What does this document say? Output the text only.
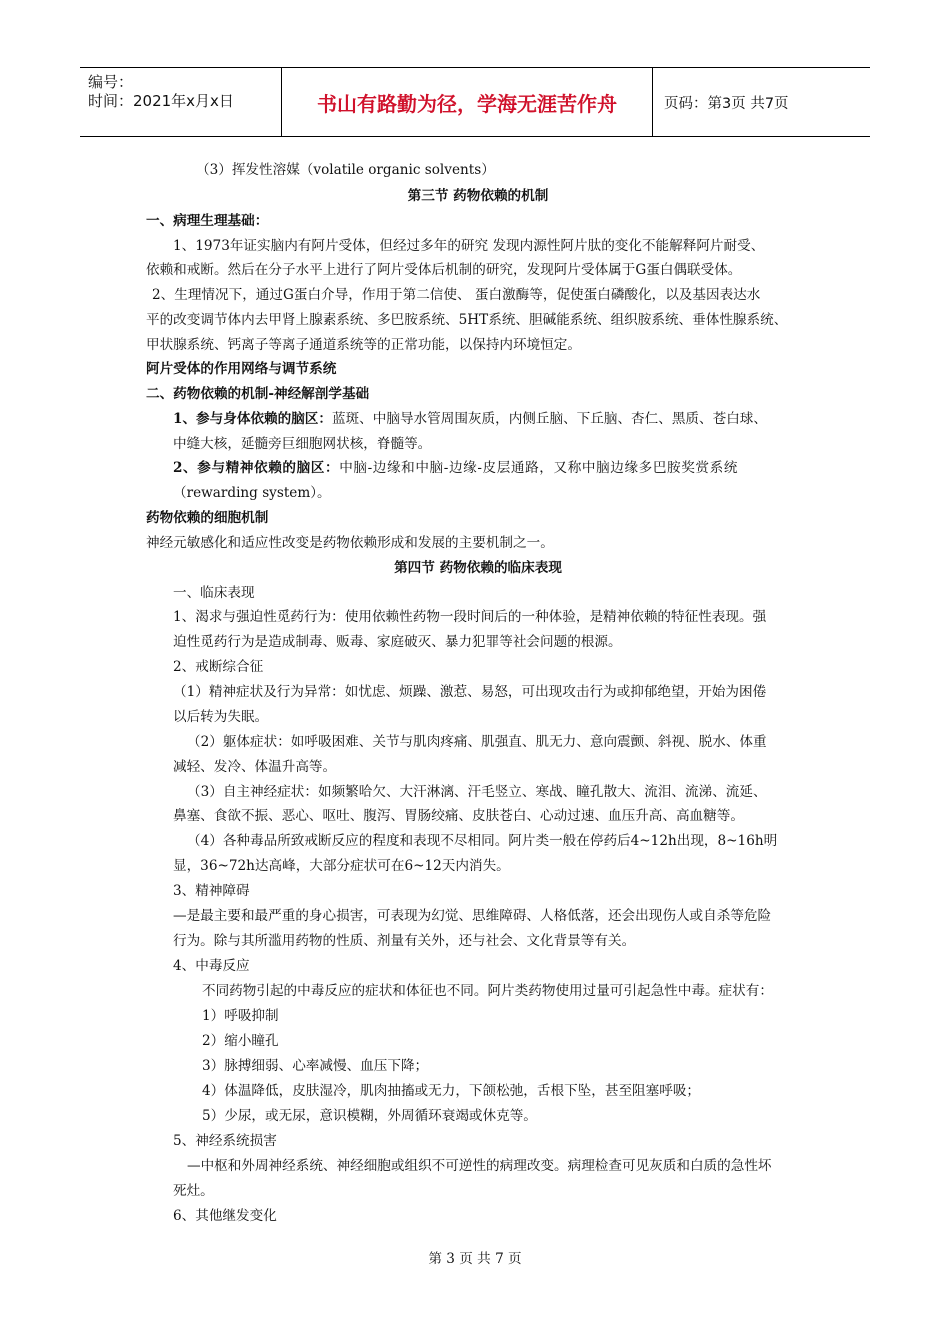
编号：
时间：2021年x月x日	书山有路勤为径，学海无涯苦作舟	页码：第3页 共7页
（3）挥发性溶媒（volatile organic solvents）
第三节 药物依赖的机制
一、病理生理基础：
1、1973年证实脑内有阿片受体，但经过多年的研究 发现内源性阿片肽的变化不能解释阿片耐受、
依赖和戒断。然后在分子水平上进行了阿片受体后机制的研究，发现阿片受体属于G蛋白偶联受体。
2、生理情况下，通过G蛋白介导，作用于第二信使、 蛋白激酶等，促使蛋白磷酸化，以及基因表达水
平的改变调节体内去甲肾上腺素系统、多巴胺系统、5HT系统、胆碱能系统、组织胺系统、垂体性腺系统、
甲状腺系统、钙离子等离子通道系统等的正常功能，以保持内环境恒定。
阿片受体的作用网络与调节系统
二、药物依赖的机制-神经解剖学基础
1、参与身体依赖的脑区：蓝斑、中脑导水管周围灰质，内侧丘脑、下丘脑、杏仁、黑质、苍白球、
中缝大核，延髓旁巨细胞网状核，脊髓等。
2、参与精神依赖的脑区：中脑-边缘和中脑-边缘-皮层通路，又称中脑边缘多巴胺奖赏系统
（rewarding system）。
药物依赖的细胞机制
神经元敏感化和适应性改变是药物依赖形成和发展的主要机制之一。
第四节 药物依赖的临床表现
一、临床表现
1、渴求与强迫性觅药行为：使用依赖性药物一段时间后的一种体验，是精神依赖的特征性表现。强
迫性觅药行为是造成制毒、贩毒、家庭破灭、暴力犯罪等社会问题的根源。
2、戒断综合征
（1）精神症状及行为异常：如忧虑、烦躁、激惹、易怒，可出现攻击行为或抑郁绝望，开始为困倦
以后转为失眠。
（2）躯体症状：如呼吸困难、关节与肌肉疼痛、肌强直、肌无力、意向震颤、斜视、脱水、体重
减轻、发冷、体温升高等。
（3）自主神经症状：如频繁哈欠、大汗淋漓、汗毛竖立、寒战、瞳孔散大、流泪、流涕、流延、
鼻塞、食欲不振、恶心、呕吐、腹泻、胃肠绞痛、皮肤苍白、心动过速、血压升高、高血糖等。
（4）各种毒品所致戒断反应的程度和表现不尽相同。阿片类一般在停药后4~12h出现，8~16h明
显，36~72h达高峰，大部分症状可在6~12天内消失。
3、精神障碍
—是最主要和最严重的身心损害，可表现为幻觉、思维障碍、人格低落，还会出现伤人或自杀等危险
行为。除与其所滥用药物的性质、剂量有关外，还与社会、文化背景等有关。
4、中毒反应
不同药物引起的中毒反应的症状和体征也不同。阿片类药物使用过量可引起急性中毒。症状有：
1）呼吸抑制
2）缩小瞳孔
3）脉搏细弱、心率减慢、血压下降；
4）体温降低，皮肤湿冷，肌肉抽搐或无力，下颌松弛，舌根下坠，甚至阻塞呼吸；
5）少尿，或无尿，意识模糊，外周循环衰竭或休克等。
5、神经系统损害
—中枢和外周神经系统、神经细胞或组织不可逆性的病理改变。病理检查可见灰质和白质的急性坏
死灶。
6、其他继发变化
第 3 页 共 7 页
